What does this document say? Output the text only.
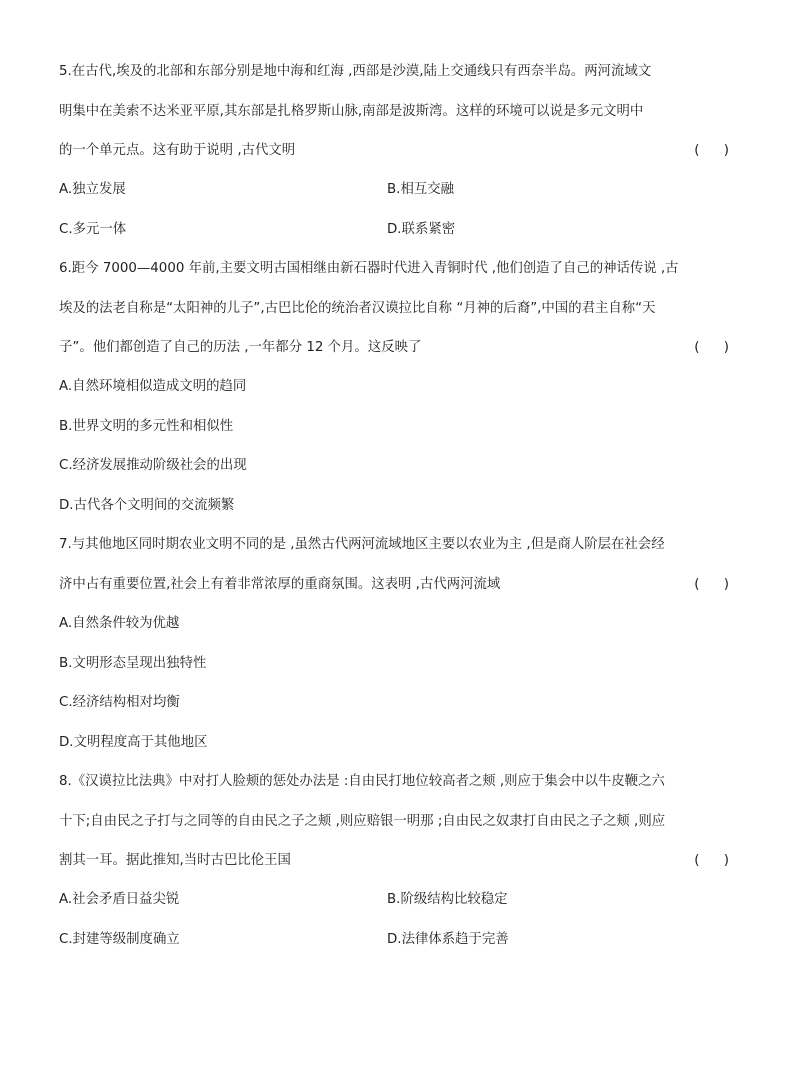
5.在古代,埃及的北部和东部分别是地中海和红海 ,西部是沙漠,陆上交通线只有西奈半岛。两河流域文
明集中在美索不达米亚平原,其东部是扎格罗斯山脉,南部是波斯湾。这样的环境可以说是多元文明中
的一个单元点。这有助于说明 ,古代文明	( )
A.独立发展	B.相互交融
C.多元一体	D.联系紧密
6.距今 7000—4000 年前,主要文明古国相继由新石器时代进入青铜时代 ,他们创造了自己的神话传说 ,古
埃及的法老自称是“太阳神的儿子”,古巴比伦的统治者汉谟拉比自称 “月神的后裔”,中国的君主自称“天
子”。他们都创造了自己的历法 ,一年都分 12 个月。这反映了	( )
A.自然环境相似造成文明的趋同
B.世界文明的多元性和相似性
C.经济发展推动阶级社会的出现
D.古代各个文明间的交流频繁
7.与其他地区同时期农业文明不同的是 ,虽然古代两河流域地区主要以农业为主 ,但是商人阶层在社会经
济中占有重要位置,社会上有着非常浓厚的重商氛围。这表明 ,古代两河流域	( )
A.自然条件较为优越
B.文明形态呈现出独特性
C.经济结构相对均衡
D.文明程度高于其他地区
8.《汉谟拉比法典》中对打人脸颊的惩处办法是 :自由民打地位较高者之颊 ,则应于集会中以牛皮鞭之六
十下;自由民之子打与之同等的自由民之子之颊 ,则应赔银一明那 ;自由民之奴隶打自由民之子之颊 ,则应
割其一耳。据此推知,当时古巴比伦王国	( )
A.社会矛盾日益尖锐	B.阶级结构比较稳定
C.封建等级制度确立	D.法律体系趋于完善
